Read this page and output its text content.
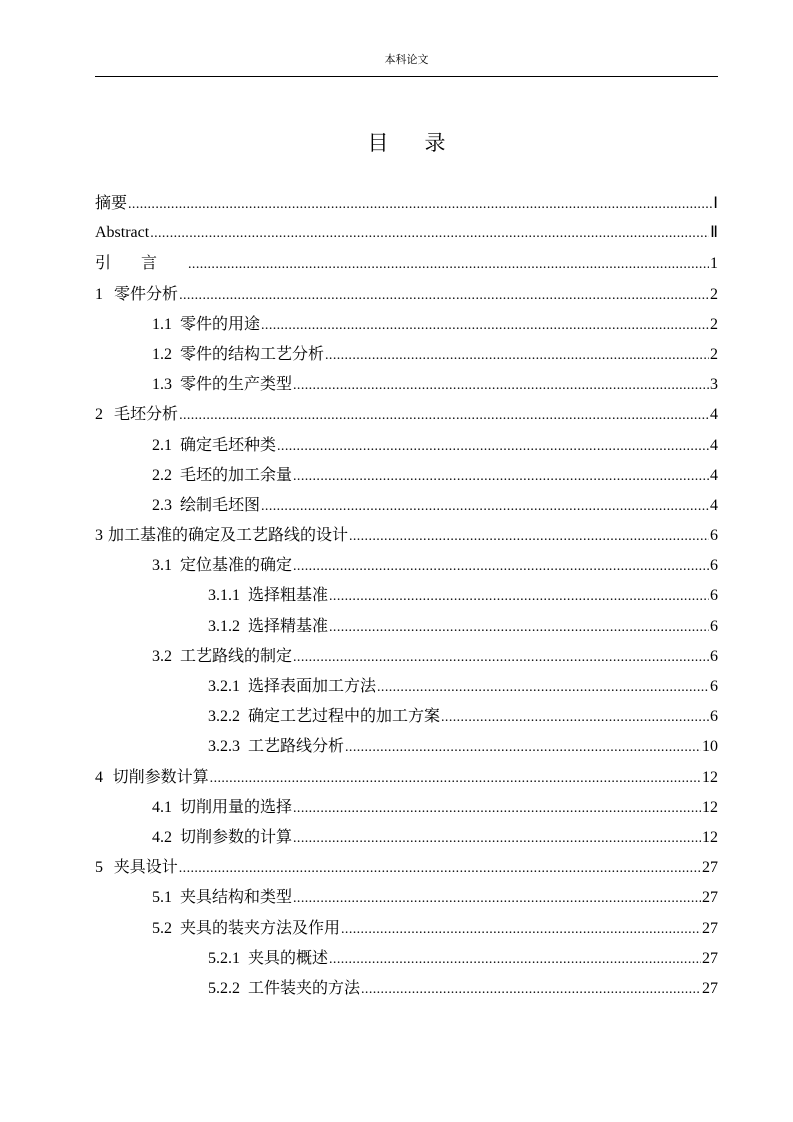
本科论文
目录
摘要 .....	Ⅰ
Abstract .....	Ⅱ
引言 .....	1
1 零件分析 .....	2
1.1 零件的用途 .....	2
1.2 零件的结构工艺分析 .....	2
1.3 零件的生产类型 .....	3
2 毛坯分析 .....	4
2.1 确定毛坯种类 .....	4
2.2 毛坯的加工余量 .....	4
2.3 绘制毛坯图 .....	4
3 加工基准的确定及工艺路线的设计 .....	6
3.1 定位基准的确定 .....	6
3.1.1 选择粗基准 .....	6
3.1.2 选择精基准 .....	6
3.2 工艺路线的制定 .....	6
3.2.1 选择表面加工方法 .....	6
3.2.2 确定工艺过程中的加工方案 .....	6
3.2.3 工艺路线分析 .....	10
4 切削参数计算 .....	12
4.1 切削用量的选择 .....	12
4.2 切削参数的计算 .....	12
5 夹具设计 .....	27
5.1 夹具结构和类型 .....	27
5.2 夹具的装夹方法及作用 .....	27
5.2.1 夹具的概述 .....	27
5.2.2 工件装夹的方法 .....	27
